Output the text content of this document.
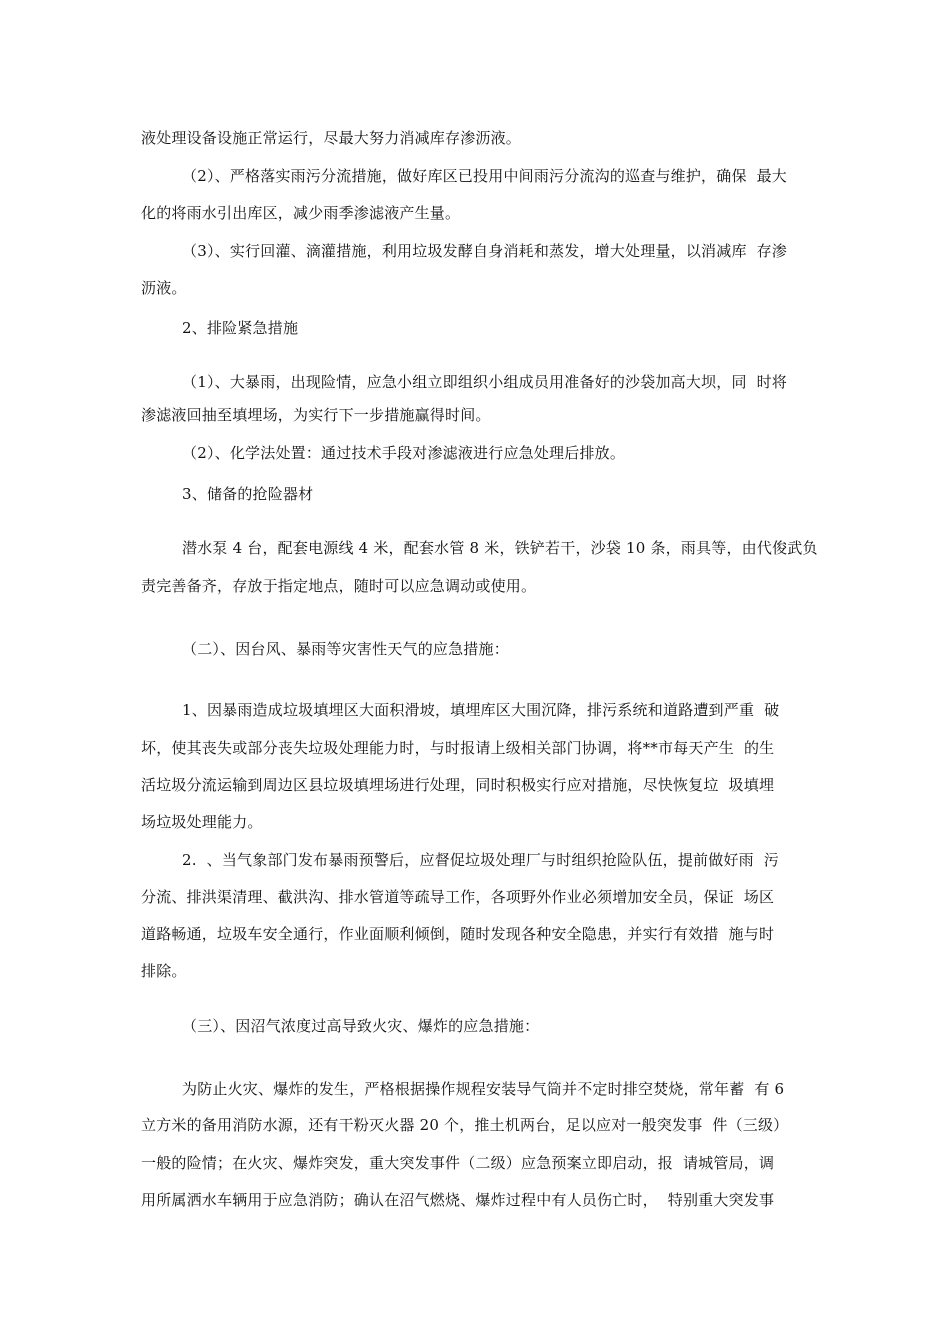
液处理设备设施正常运行，尽最大努力消减库存渗沥液。
（2）、严格落实雨污分流措施，做好库区已投用中间雨污分流沟的巡查与维护，确保  最大
化的将雨水引出库区，减少雨季渗滤液产生量。
（3）、实行回灌、滴灌措施，利用垃圾发酵自身消耗和蒸发，增大处理量，以消减库  存渗
沥液。
2、排险紧急措施
（1）、大暴雨，出现险情，应急小组立即组织小组成员用准备好的沙袋加高大坝，同  时将
渗滤液回抽至填埋场，为实行下一步措施赢得时间。
（2）、化学法处置：通过技术手段对渗滤液进行应急处理后排放。
3、储备的抢险器材
潜水泵 4 台，配套电源线 4 米，配套水管 8 米，铁铲若干，沙袋 10 条，雨具等，由代俊武负
责完善备齐，存放于指定地点，随时可以应急调动或使用。
（二）、因台风、暴雨等灾害性天气的应急措施：
1、因暴雨造成垃圾填埋区大面积滑坡，填埋库区大围沉降，排污系统和道路遭到严重  破
坏，使其丧失或部分丧失垃圾处理能力时，与时报请上级相关部门协调，将**市每天产生  的生
活垃圾分流运输到周边区县垃圾填埋场进行处理，同时积极实行应对措施，尽快恢复垃  圾填埋
场垃圾处理能力。
2.  、当气象部门发布暴雨预警后，应督促垃圾处理厂与时组织抢险队伍，提前做好雨  污
分流、排洪渠清理、截洪沟、排水管道等疏导工作，各项野外作业必须增加安全员，保证  场区
道路畅通，垃圾车安全通行，作业面顺利倾倒，随时发现各种安全隐患，并实行有效措  施与时
排除。
（三）、因沼气浓度过高导致火灾、爆炸的应急措施：
为防止火灾、爆炸的发生，严格根据操作规程安装导气筒并不定时排空焚烧，常年蓄  有 6
立方米的备用消防水源，还有干粉灭火器 20 个，推土机两台，足以应对一般突发事  件（三级）
一般的险情；在火灾、爆炸突发，重大突发事件（二级）应急预案立即启动，报  请城管局，调
用所属洒水车辆用于应急消防；确认在沼气燃烧、爆炸过程中有人员伤亡时，  特别重大突发事
